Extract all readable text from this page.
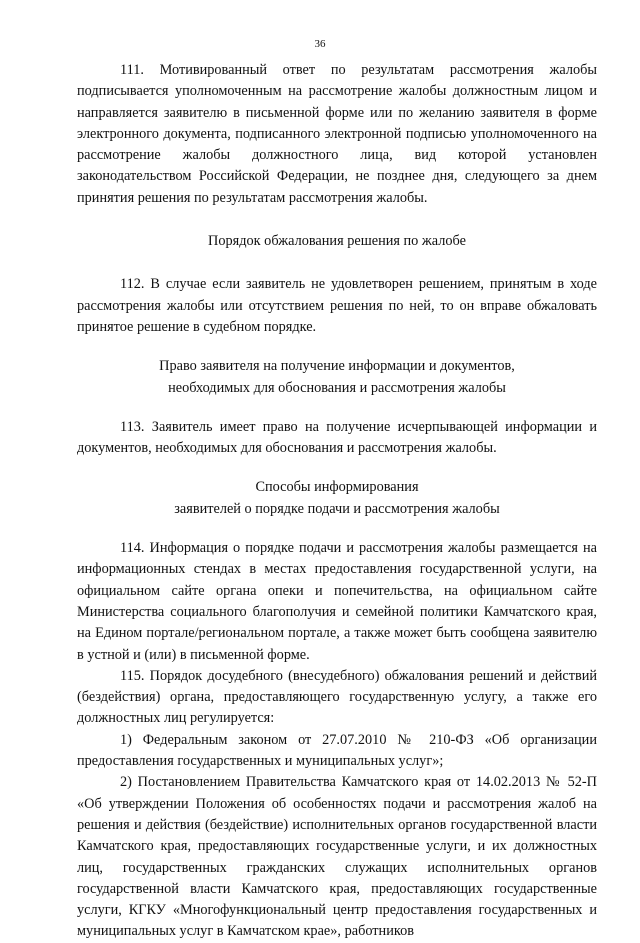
36

111. Мотивированный ответ по результатам рассмотрения жалобы подписывается уполномоченным на рассмотрение жалобы должностным лицом и направляется заявителю в письменной форме или по желанию заявителя в форме электронного документа, подписанного электронной подписью уполномоченного на рассмотрение жалобы должностного лица, вид которой установлен законодательством Российской Федерации, не позднее дня, следующего за днем принятия решения по результатам рассмотрения жалобы.

Порядок обжалования решения по жалобе

112. В случае если заявитель не удовлетворен решением, принятым в ходе рассмотрения жалобы или отсутствием решения по ней, то он вправе обжаловать принятое решение в судебном порядке.

Право заявителя на получение информации и документов,

необходимых для обоснования и рассмотрения жалобы

113. Заявитель имеет право на получение исчерпывающей информации и документов, необходимых для обоснования и рассмотрения жалобы.

Способы информирования

заявителей о порядке подачи и рассмотрения жалобы

114. Информация о порядке подачи и рассмотрения жалобы размещается на информационных стендах в местах предоставления государственной услуги, на официальном сайте органа опеки и попечительства, на официальном сайте Министерства социального благополучия и семейной политики Камчатского края, на Едином портале/региональном портале, а также может быть сообщена заявителю в устной и (или) в письменной форме.

115. Порядок досудебного (внесудебного) обжалования решений и действий (бездействия) органа, предоставляющего государственную услугу, а также его должностных лиц регулируется:

1) Федеральным законом от 27.07.2010 № 210-ФЗ «Об организации предоставления государственных и муниципальных услуг»;

2) Постановлением Правительства Камчатского края от 14.02.2013 № 52-П «Об утверждении Положения об особенностях подачи и рассмотрения жалоб на решения и действия (бездействие) исполнительных органов государственной власти Камчатского края, предоставляющих государственные услуги, и их должностных лиц, государственных гражданских служащих исполнительных органов государственной власти Камчатского края, предоставляющих государственные услуги, КГКУ «Многофункциональный центр предоставления государственных и муниципальных услуг в Камчатском крае», работников
